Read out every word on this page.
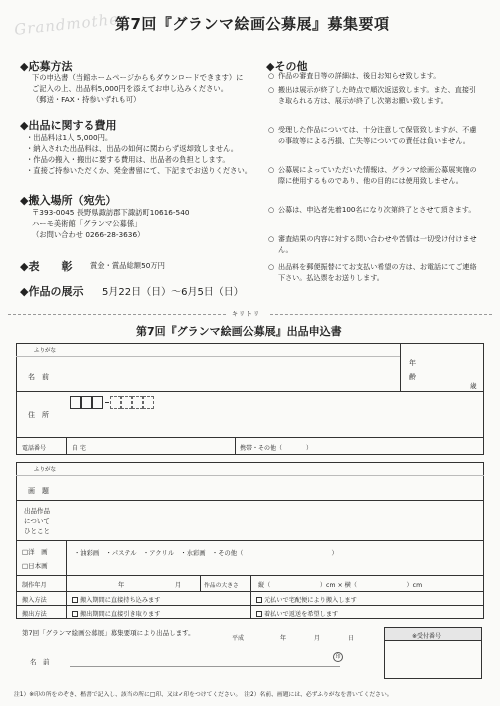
Grandmother
第7回『グランマ絵画公募展』募集要項
◆応募方法
下の申込書（当館ホームページからもダウンロードできます）に
ご記入の上、出品料5,000円を添えてお申し込みください。
（郵送・FAX・持参いずれも可）
◆出品に関する費用
・出品料は1人 5,000円。
・納入された出品料は、出品の如何に関わらず返却致しません。
・作品の搬入・搬出に要する費用は、出品者の負担とします。
・直接ご持参いただくか、発金書留にて、下記までお送りください。
◆搬入場所（宛先）
〒393-0045 長野県諏訪郡下諏訪町10616-540
ハーモ美術館「グランマ公募係」
（お問い合わせ 0266-28-3636）
◆表　　彰 賞金・賞品総額50万円
◆作品の展示 5月22日（日）～6月5日（日）
◆その他
○ 作品の審査日等の詳細は、後日お知らせ致します。
○ 搬出は展示が終了した時点で順次返送致します。また、直接引き取られる方は、展示が終了し次第お願い致します。
○ 受理した作品については、十分注意して保管致しますが、不慮の事故等による汚損、亡失等についての責任は負いません。
○ 公募展によっていただいた情報は、グランマ絵画公募展実施の際に使用するものであり、他の目的には使用致しません。
○ 公募は、申込者先着100名になり次第終了とさせて頂きます。
○ 審査結果の内容に対する問い合わせや苦情は一切受け付けません。
○ 出品料を郵便振替にてお支払い希望の方は、お電話にてご連絡下さい。払込票をお送りします。
キリトリ
第7回『グランマ絵画公募展』出品申込書
ふりがな
名　前
年
齢
歳
住　所
電話番号	自 宅	携帯・その他（　　　　）
ふりがな
画　題
出品作品
について
ひとこと
□洋　画
□日本画
・油彩画　・パステル　・アクリル　・水彩画　・その他（　　　　　　　　　　　　　　）
制作年月	年	月	作品の大きさ	縦（　　　　　　　　）cm × 横（　　　　　　　　）cm
搬入方法	搬入期間に直接持ち込みます	元払いで宅配便により搬入します
搬出方法	搬出期間に直接引き取ります	着払いで返送を希望します
第7回「グランマ絵画公募展」募集要項により出品します。
平成	年	月	日
名　前
印
※受付番号
注1）※印の所をのぞき、楷書で記入し、該当の所に□印、又は✓印をつけてください。　注2）名前、画題には、必ずふりがなを書いてください。
